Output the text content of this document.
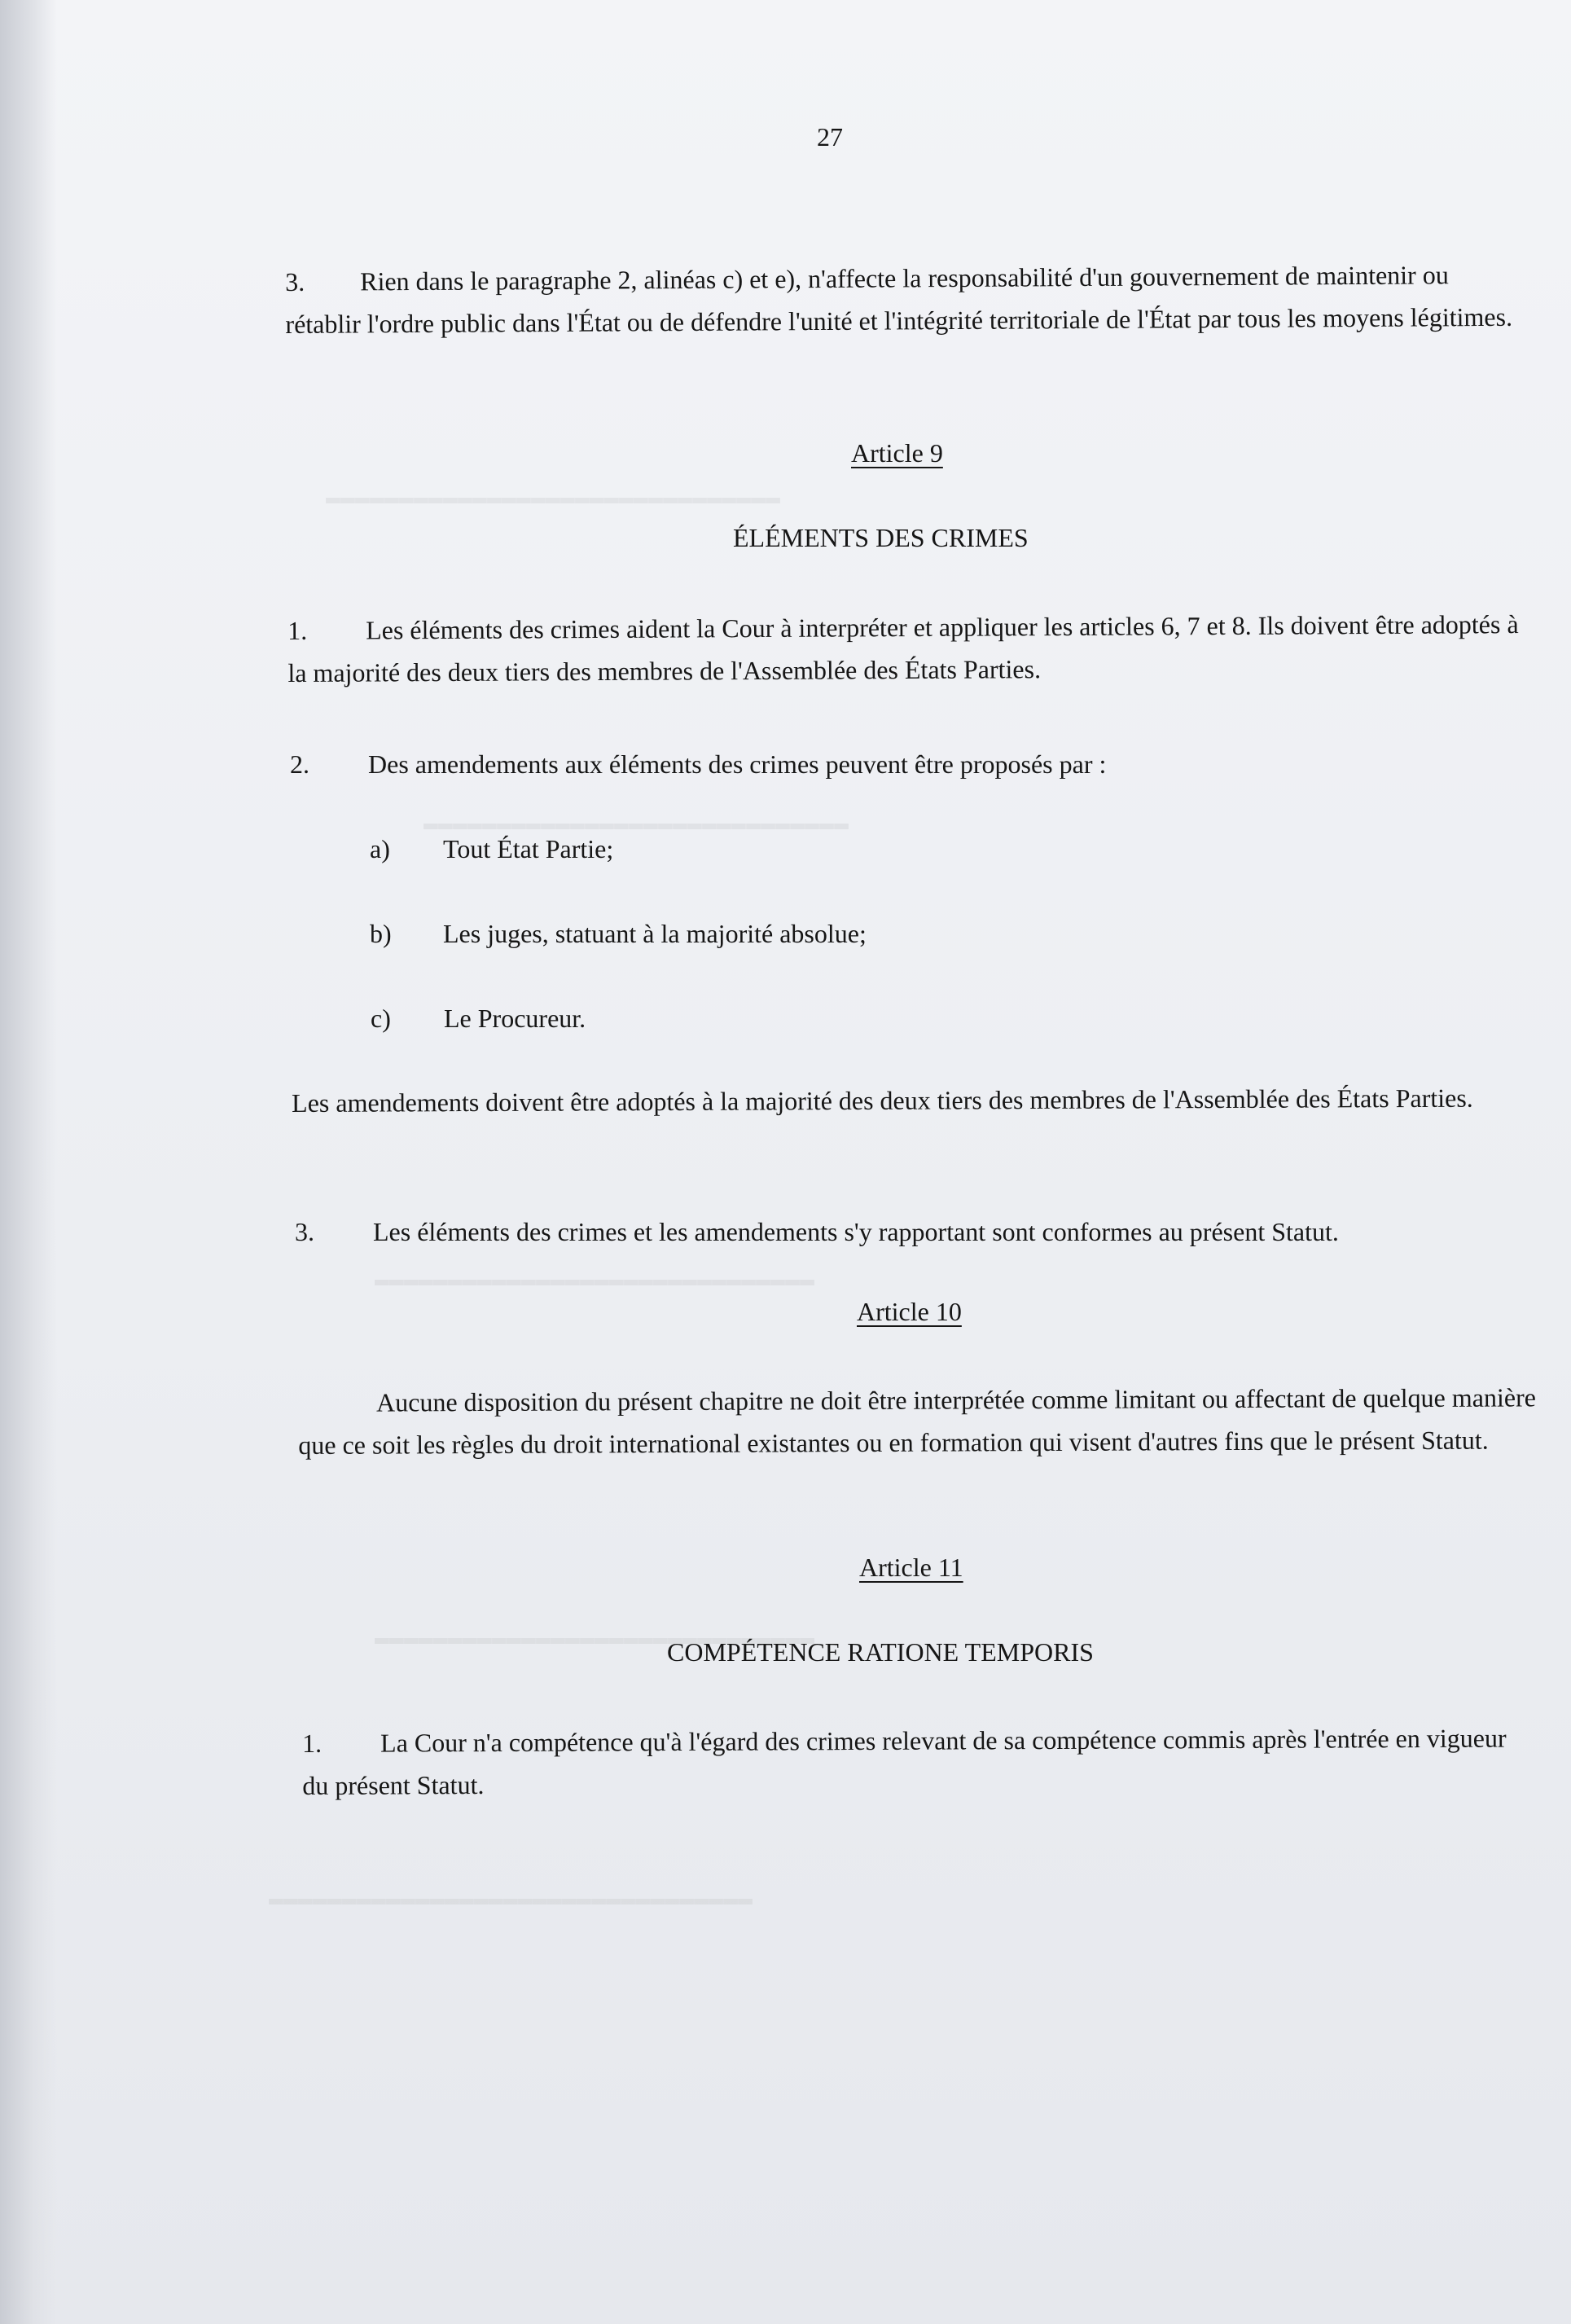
▬▬▬▬▬▬▬▬▬▬▬▬▬▬▬▬▬▬▬▬▬▬▬▬▬▬▬▬▬▬▬
▬▬▬▬▬▬▬▬▬▬▬▬▬▬▬▬▬▬▬▬▬▬▬▬▬▬▬▬▬
▬▬▬▬▬▬▬▬▬▬▬▬▬▬▬▬▬▬▬▬▬▬▬▬▬▬▬▬▬▬
▬▬▬▬▬▬▬▬▬▬▬▬▬▬▬▬▬▬▬▬▬▬▬▬▬▬▬▬▬▬
▬▬▬▬▬▬▬▬▬▬▬▬▬▬▬▬▬▬▬▬▬▬▬▬▬▬▬▬▬▬▬▬▬
27
3. Rien dans le paragraphe 2, alinéas c) et e), n'affecte la responsabilité d'un gouvernement de maintenir ou rétablir l'ordre public dans l'État ou de défendre l'unité et l'intégrité territoriale de l'État par tous les moyens légitimes.
Article 9
ÉLÉMENTS DES CRIMES
1. Les éléments des crimes aident la Cour à interpréter et appliquer les articles 6, 7 et 8. Ils doivent être adoptés à la majorité des deux tiers des membres de l'Assemblée des États Parties.
2. Des amendements aux éléments des crimes peuvent être proposés par :
a) Tout État Partie;
b) Les juges, statuant à la majorité absolue;
c) Le Procureur.
Les amendements doivent être adoptés à la majorité des deux tiers des membres de l'Assemblée des États Parties.
3. Les éléments des crimes et les amendements s'y rapportant sont conformes au présent Statut.
Article 10
Aucune disposition du présent chapitre ne doit être interprétée comme limitant ou affectant de quelque manière que ce soit les règles du droit international existantes ou en formation qui visent d'autres fins que le présent Statut.
Article 11
COMPÉTENCE RATIONE TEMPORIS
1. La Cour n'a compétence qu'à l'égard des crimes relevant de sa compétence commis après l'entrée en vigueur du présent Statut.
